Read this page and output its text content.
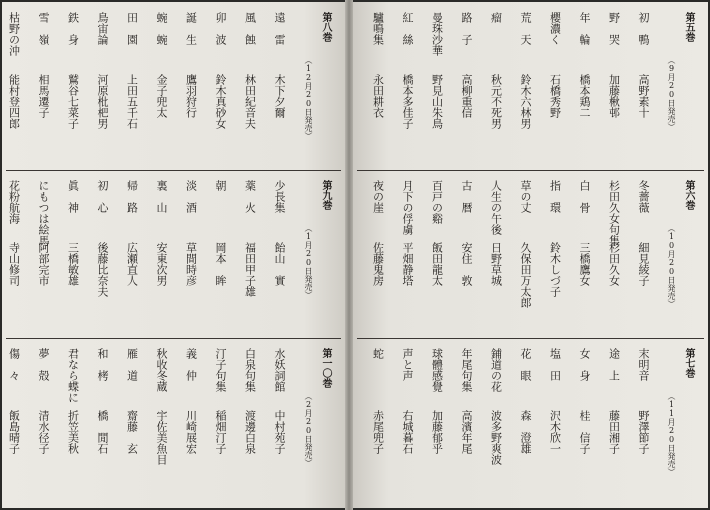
第八巻
（12月20日発売）
遠　雷
木下夕爾
風　蝕
林田紀音夫
卯　波
鈴木真砂女
誕　生
鷹羽狩行
蜿　蜿
金子兜太
田　園
上田五千石
鳥宙論
河原枇杷男
鉄　身
鷲谷七菜子
雪　嶺
相馬遷子
枯野の沖
能村登四郎
第九巻
（1月20日発売）
少長集
飴山　實
薬　火
福田甲子雄
朝
岡本　眸
淡　酒
草間時彦
裏　山
安東次男
帰　路
広瀬直人
初　心
後藤比奈夫
眞　神
三橋敏雄
にもつは絵馬
阿部完市
花粉航海
寺山修司
第一〇巻
（2月20日発売）
水妖詞館
中村苑子
白泉句集
渡邊白泉
汀子句集
稲畑汀子
義　仲
川崎展宏
秋收冬蔵
宇佐美魚目
雁　道
齋藤　玄
和　栲
橋　閒石
君なら蝶に
折笠美秋
夢　殻
清水径子
傷　々
飯島晴子
第五巻
（9月20日発売）
初　鴨
高野素十
野　哭
加藤楸邨
年　輪
橋本鶏二
櫻濃く
石橋秀野
荒　天
鈴木六林男
瘤
秋元不死男
路　子
高柳重信
曼珠沙華
野見山朱鳥
紅　絲
橋本多佳子
驢鳴集
永田耕衣
第六巻
（10月20日発売）
冬薔薇
細見綾子
杉田久女句集
杉田久女
白　骨
三橋鷹女
指　環
鈴木しづ子
草の丈
久保田万太郎
人生の午後
日野草城
古　暦
安住　敦
百戸の谿
飯田龍太
月下の俘虜
平畑静塔
夜の崖
佐藤鬼房
第七巻
（11月20日発売）
末明音
野澤節子
途　上
藤田湘子
女　身
桂　信子
塩　田
沢木欣一
花　眼
森　澄雄
鋪道の花
波多野爽波
年尾句集
高濱年尾
球體感覺
加藤郁乎
声と声
右城暮石
蛇
赤尾兜子
